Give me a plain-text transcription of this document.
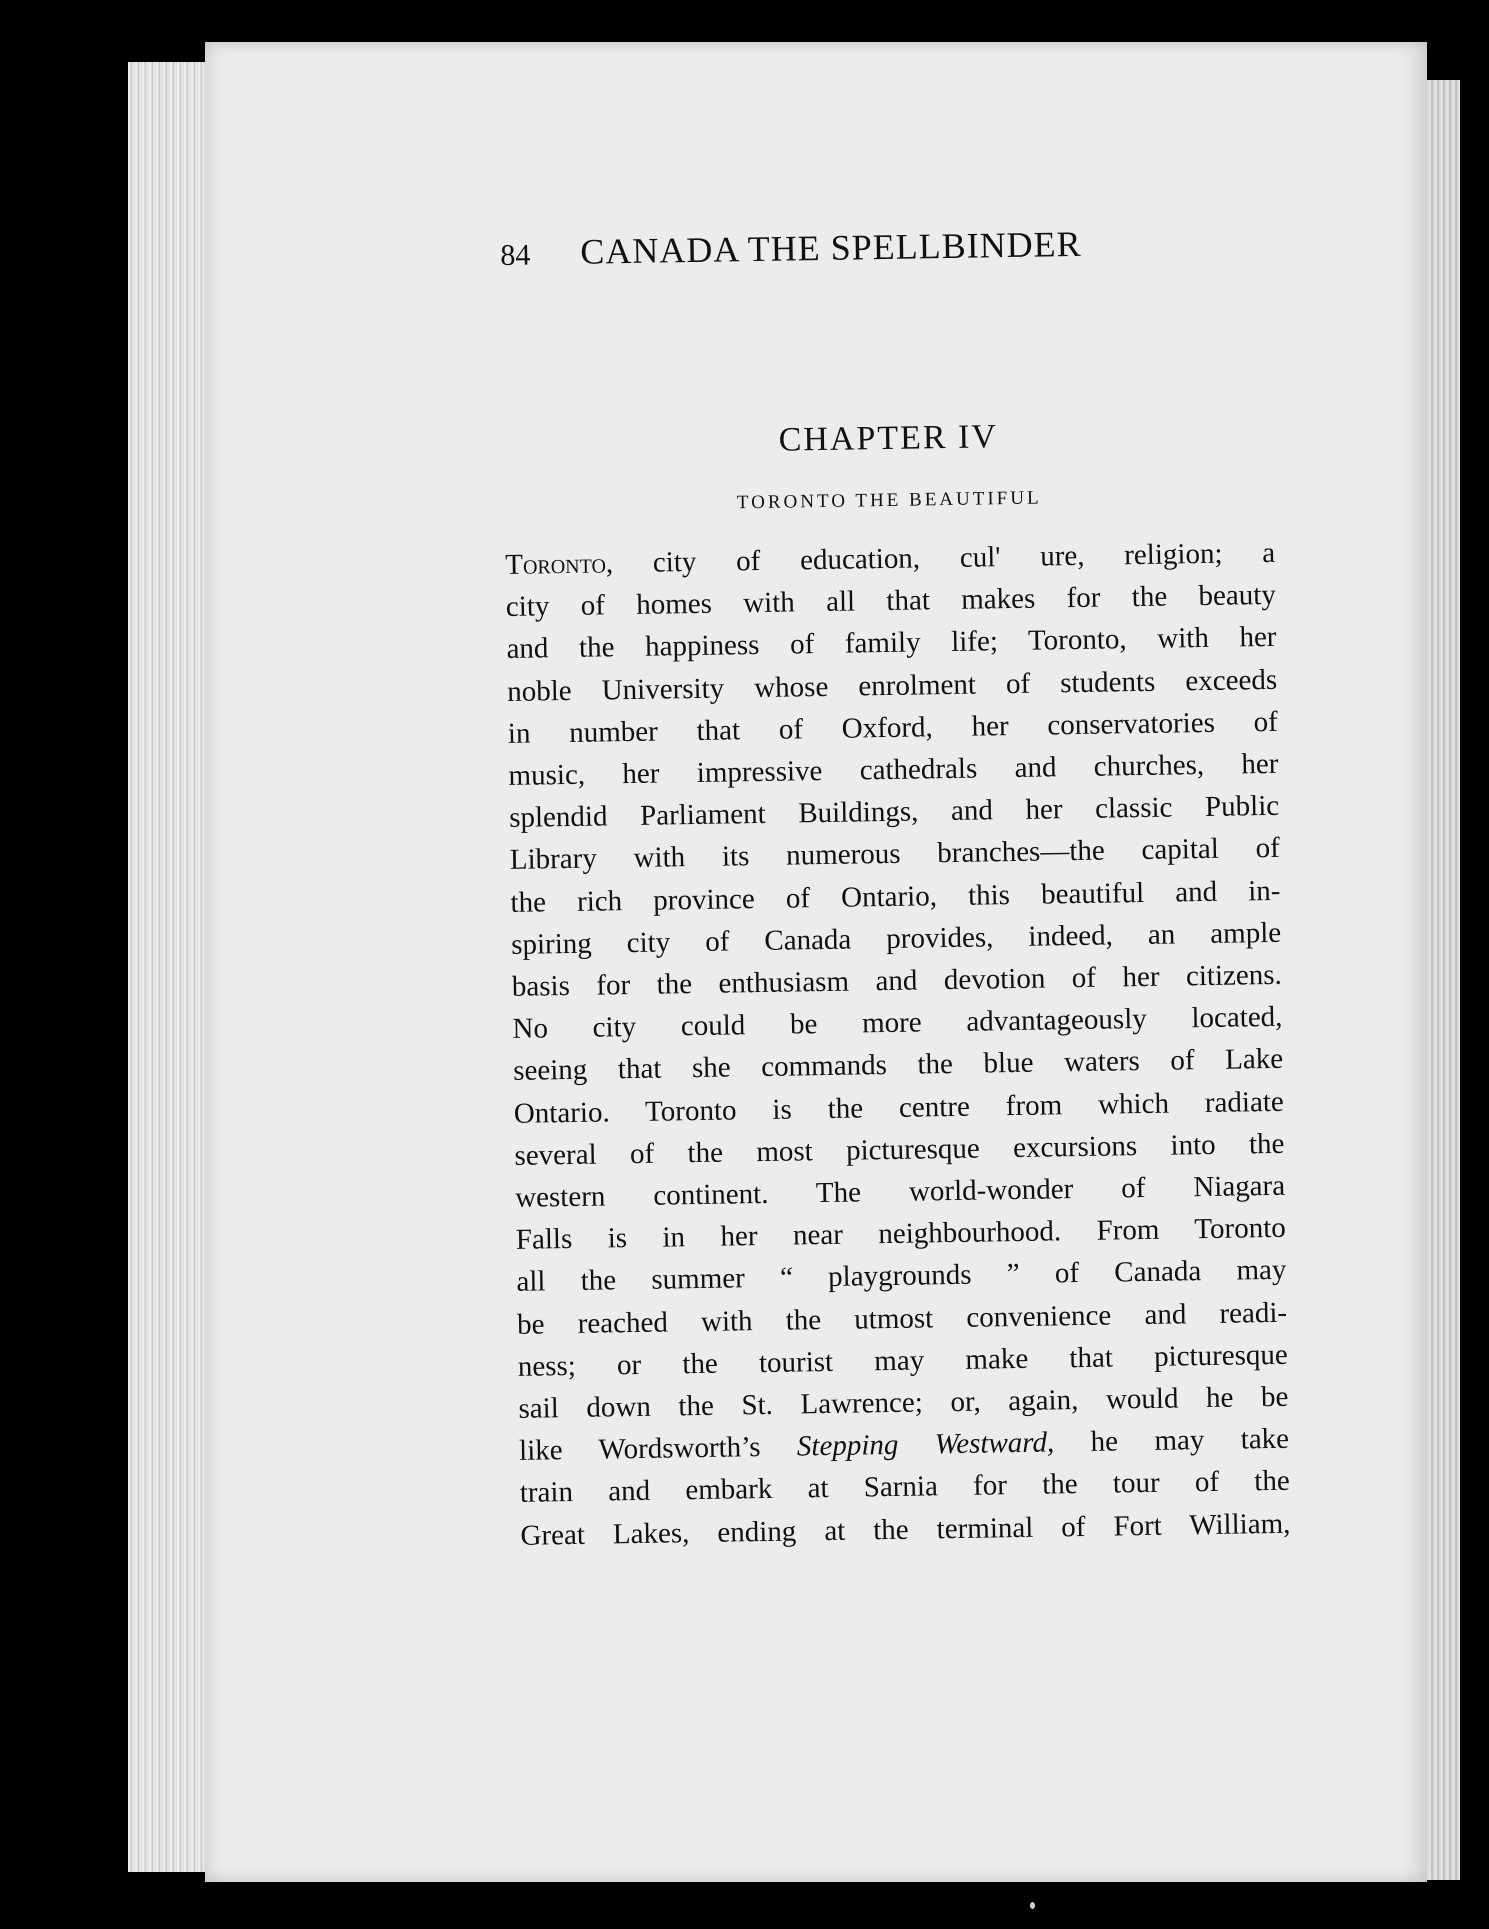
84	CANADA THE SPELLBINDER
CHAPTER IV
TORONTO THE BEAUTIFUL
Toronto, city of education, cul' ure, religion; a
city of homes with all that makes for the beauty
and the happiness of family life; Toronto, with her
noble University whose enrolment of students exceeds
in number that of Oxford, her conservatories of
music, her impressive cathedrals and churches, her
splendid Parliament Buildings, and her classic Public
Library with its numerous branches—the capital of
the rich province of Ontario, this beautiful and in-
spiring city of Canada provides, indeed, an ample
basis for the enthusiasm and devotion of her citizens.
No city could be more advantageously located,
seeing that she commands the blue waters of Lake
Ontario. Toronto is the centre from which radiate
several of the most picturesque excursions into the
western continent. The world-wonder of Niagara
Falls is in her near neighbourhood. From Toronto
all the summer “ playgrounds ” of Canada may
be reached with the utmost convenience and readi-
ness; or the tourist may make that picturesque
sail down the St. Lawrence; or, again, would he be
like Wordsworth’s Stepping Westward, he may take
train and embark at Sarnia for the tour of the
Great Lakes, ending at the terminal of Fort William,
